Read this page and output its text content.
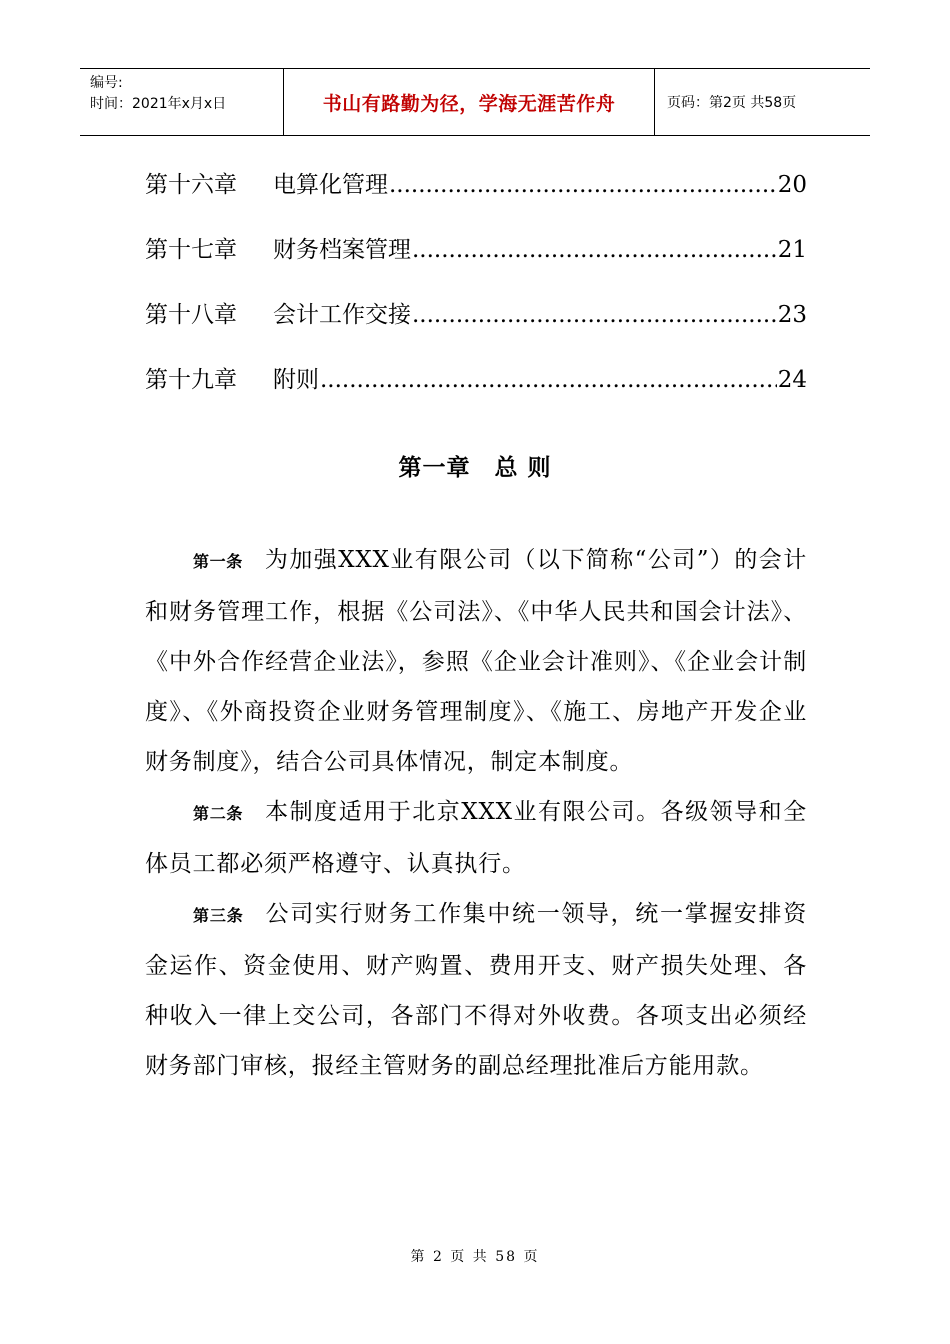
编号:
时间：2021年x月x日	书山有路勤为径，学海无涯苦作舟	页码：第2页 共58页
第十六章	电算化管理 .....	20
第十七章	财务档案管理 .....	21
第十八章	会计工作交接 .....	23
第十九章	附则 .....	24
第一章 总 则

第一条 为加强XXX业有限公司（以下简称“公司”）的会计和财务管理工作，根据《公司法》、《中华人民共和国会计法》、《中外合作经营企业法》，参照《企业会计准则》、《企业会计制度》、《外商投资企业财务管理制度》、《施工、房地产开发企业财务制度》，结合公司具体情况，制定本制度。

第二条 本制度适用于北京XXX业有限公司。各级领导和全体员工都必须严格遵守、认真执行。

第三条 公司实行财务工作集中统一领导，统一掌握安排资金运作、资金使用、财产购置、费用开支、财产损失处理、各种收入一律上交公司，各部门不得对外收费。各项支出必须经财务部门审核，报经主管财务的副总经理批准后方能用款。

第 2 页 共 58 页
